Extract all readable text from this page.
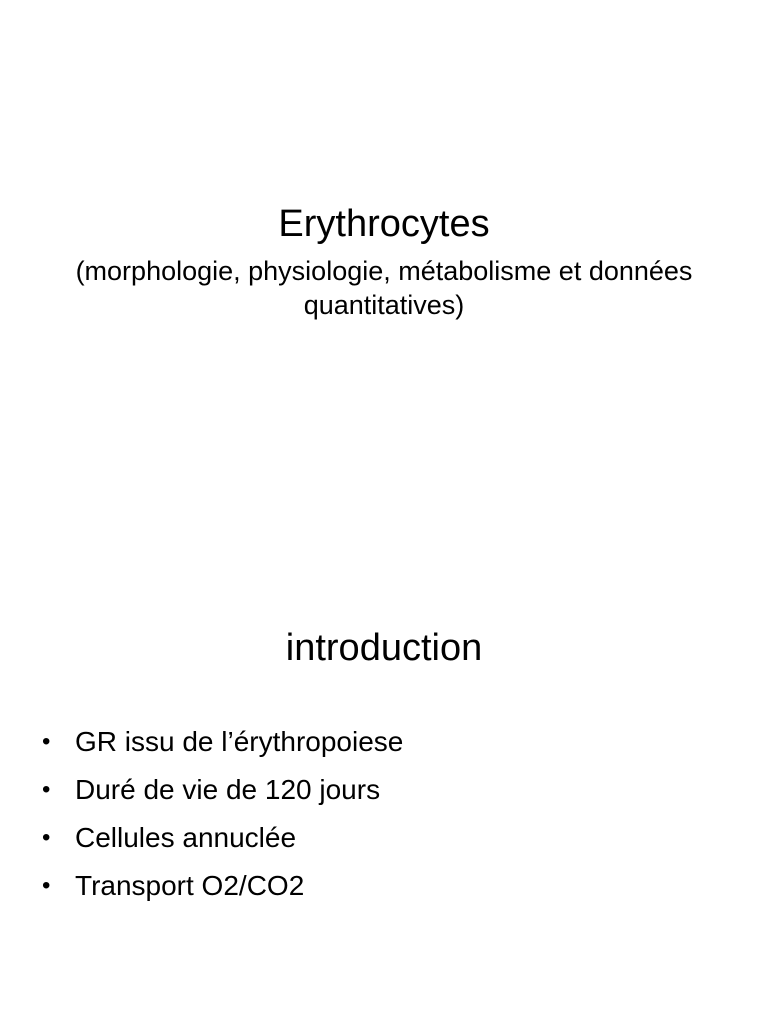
Erythrocytes

(morphologie, physiologie, métabolisme et données quantitatives)

introduction
• GR issu de l’érythropoiese
• Duré de vie de 120 jours
• Cellules annuclée
• Transport O2/CO2
